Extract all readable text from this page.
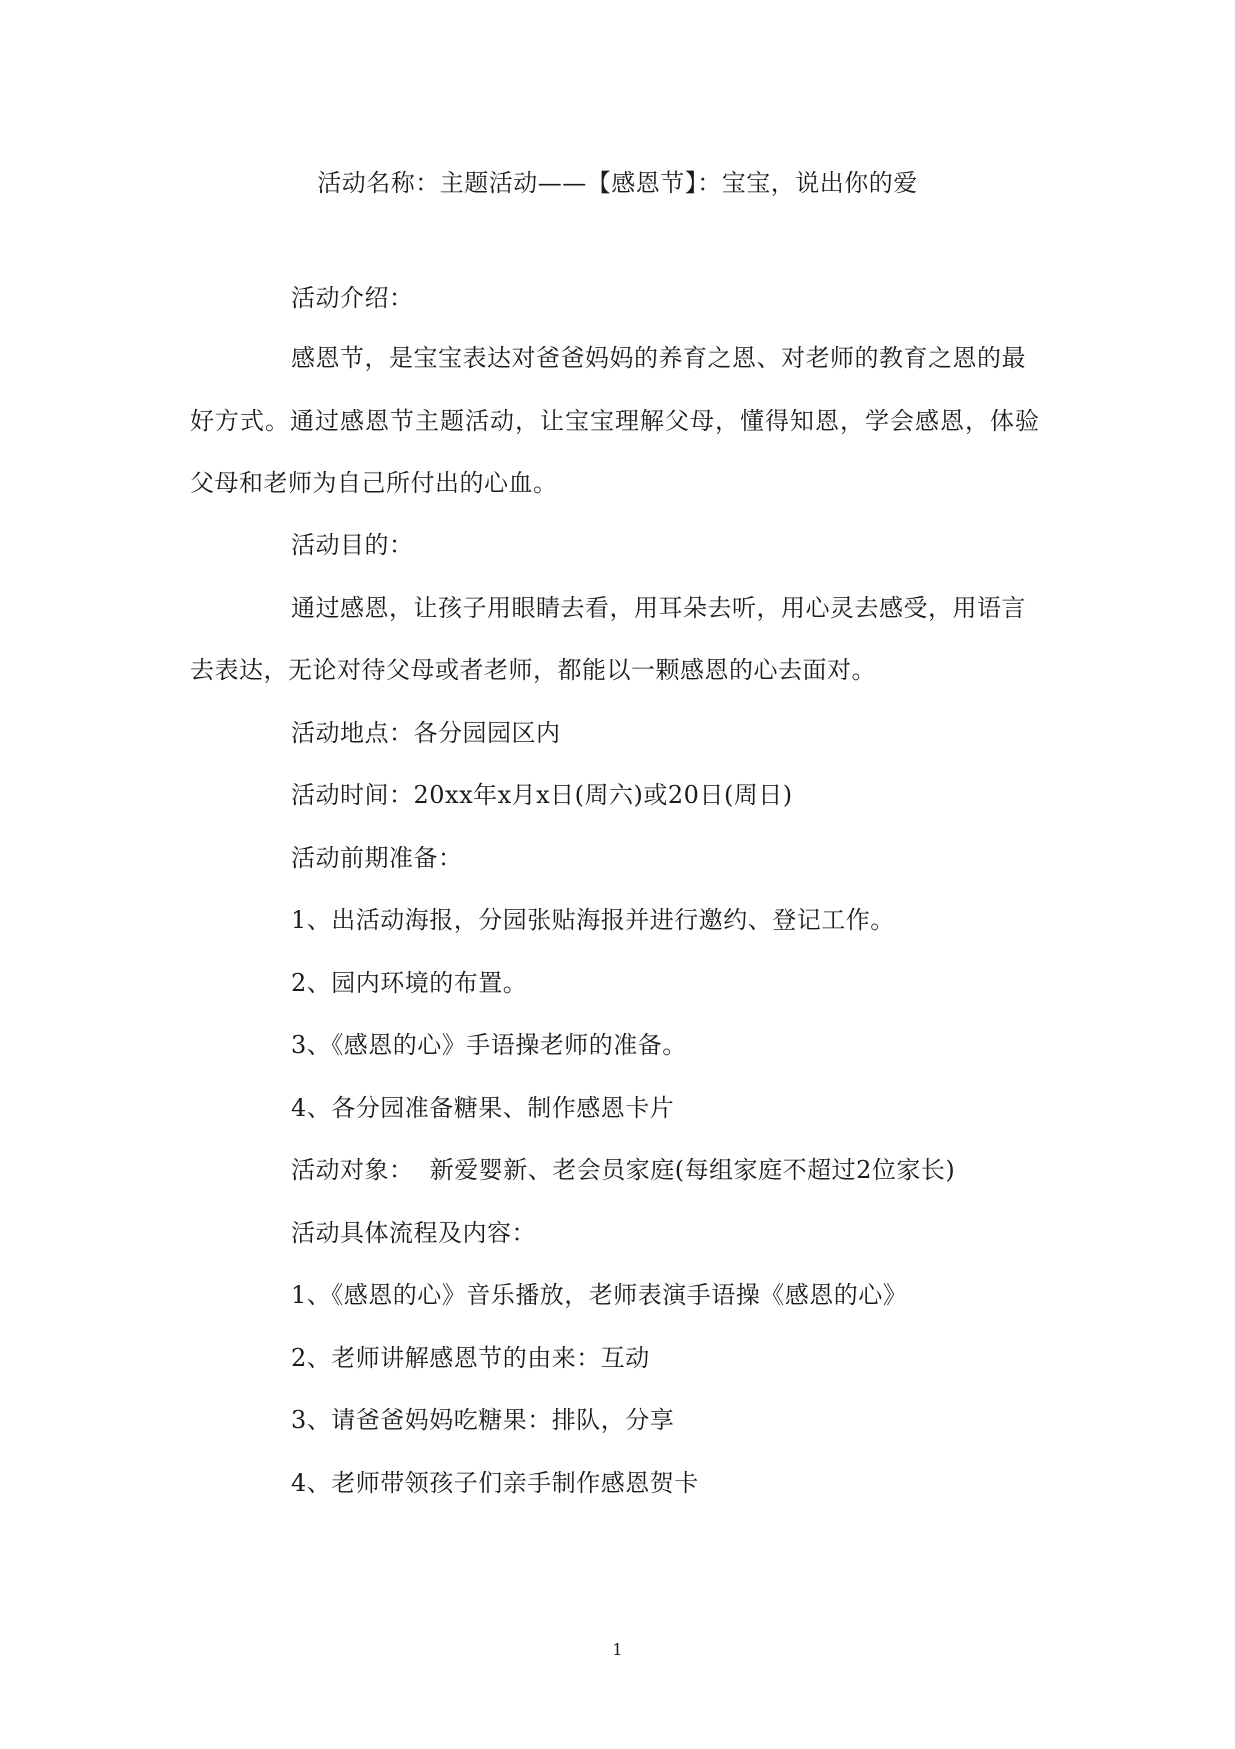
活动名称：主题活动——【感恩节】：宝宝，说出你的爱
活动介绍：
感恩节，是宝宝表达对爸爸妈妈的养育之恩、对老师的教育之恩的最
好方式。通过感恩节主题活动，让宝宝理解父母，懂得知恩，学会感恩，体验
父母和老师为自己所付出的心血。
活动目的：
通过感恩，让孩子用眼睛去看，用耳朵去听，用心灵去感受，用语言
去表达，无论对待父母或者老师，都能以一颗感恩的心去面对。
活动地点：各分园园区内
活动时间：20xx年x月x日(周六)或20日(周日)
活动前期准备：
1、出活动海报，分园张贴海报并进行邀约、登记工作。
2、园内环境的布置。
3、《感恩的心》手语操老师的准备。
4、各分园准备糖果、制作感恩卡片
活动对象：  新爱婴新、老会员家庭(每组家庭不超过2位家长)
活动具体流程及内容：
1、《感恩的心》音乐播放，老师表演手语操《感恩的心》
2、老师讲解感恩节的由来：互动
3、请爸爸妈妈吃糖果：排队，分享
4、老师带领孩子们亲手制作感恩贺卡
1
